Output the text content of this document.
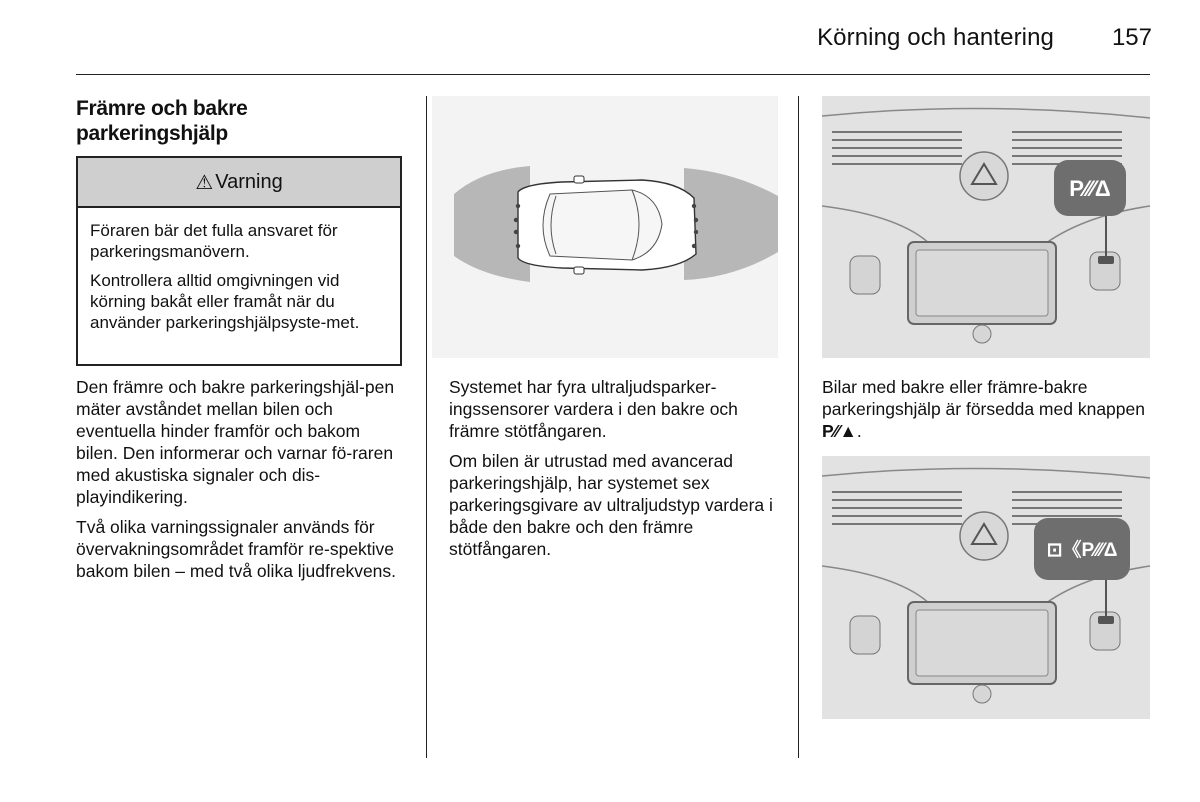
Körning och hantering 157
Främre och bakre
parkeringshjälp
⚠ Varning

Föraren bär det fulla ansvaret för parkeringsmanövern.

Kontrollera alltid omgivningen vid körning bakåt eller framåt när du använder parkeringshjälpsyste-met.

Den främre och bakre parkeringshjäl-pen mäter avståndet mellan bilen och eventuella hinder framför och bakom bilen. Den informerar och varnar fö-raren med akustiska signaler och dis-playindikering.

Två olika varningssignaler används för övervakningsområdet framför re-spektive bakom bilen – med två olika ljudfrekvens.

Systemet har fyra ultraljudsparker-ingssensorer vardera i den bakre och främre stötfångaren.

Om bilen är utrustad med avancerad parkeringshjälp, har systemet sex parkeringsgivare av ultraljudstyp vardera i både den bakre och den främre stötfångaren.

P⁄⁄⁄Δ

Bilar med bakre eller främre-bakre parkeringshjälp är försedda med knappen P⁄⁄▲.

⊡《P⁄⁄⁄Δ
